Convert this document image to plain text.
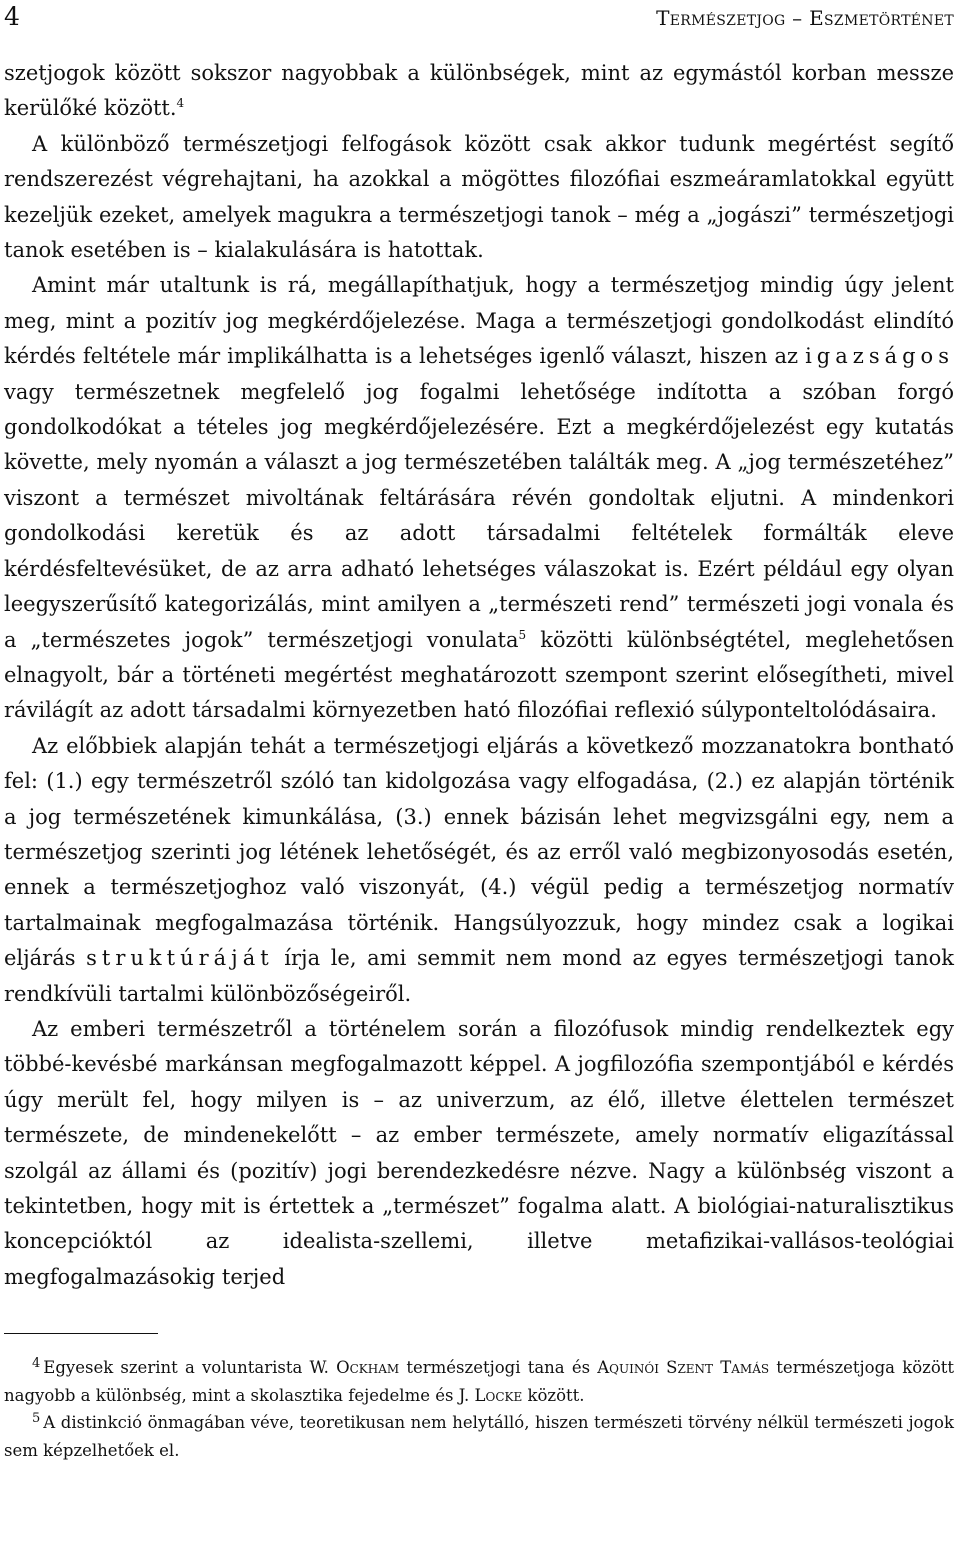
4	Természetjog – Eszmetörténet

szetjogok között sokszor nagyobbak a különbségek, mint az egymástól korban messze kerülőké között.$^4$

A különböző természetjogi felfogások között csak akkor tudunk megértést segítő rendszerezést végrehajtani, ha azokkal a mögöttes filozófiai eszmeáramlatokkal együtt kezeljük ezeket, amelyek magukra a természetjogi tanok – még a „jogászi” természetjogi tanok esetében is – kialakulására is hatottak.

Amint már utaltunk is rá, megállapíthatjuk, hogy a természetjog mindig úgy jelent meg, mint a pozitív jog megkérdőjelezése. Maga a természetjogi gondolkodást elindító kérdés feltétele már implikálhatta is a lehetséges igenlő választ, hiszen az igazságos vagy természetnek megfelelő jog fogalmi lehetősége indította a szóban forgó gondolkodókat a tételes jog megkérdőjelezésére. Ezt a megkérdőjelezést egy kutatás követte, mely nyomán a választ a jog természetében találták meg. A „jog természetéhez” viszont a természet mivoltának feltárására révén gondoltak eljutni. A mindenkori gondolkodási keretük és az adott társadalmi feltételek formálták eleve kérdésfeltevésüket, de az arra adható lehetséges válaszokat is. Ezért például egy olyan leegyszerűsítő kategorizálás, mint amilyen a „természeti rend” természeti jogi vonala és a „természetes jogok” természetjogi vonulata$^5$ közötti különbségtétel, meglehetősen elnagyolt, bár a történeti megértést meghatározott szempont szerint elősegítheti, mivel rávilágít az adott társadalmi környezetben ható filozófiai reflexió súlyponteltolódásaira.

Az előbbiek alapján tehát a természetjogi eljárás a következő mozzanatokra bontható fel: (1.) egy természetről szóló tan kidolgozása vagy elfogadása, (2.) ez alapján történik a jog természetének kimunkálása, (3.) ennek bázisán lehet megvizsgálni egy, nem a természetjog szerinti jog létének lehetőségét, és az erről való megbizonyosodás esetén, ennek a természetjoghoz való viszonyát, (4.) végül pedig a természetjog normatív tartalmainak megfogalmazása történik. Hangsúlyozzuk, hogy mindez csak a logikai eljárás struktúráját írja le, ami semmit nem mond az egyes természetjogi tanok rendkívüli tartalmi különbözőségeiről.

Az emberi természetről a történelem során a filozófusok mindig rendelkeztek egy többé-kevésbé markánsan megfogalmazott képpel. A jogfilozófia szempontjából e kérdés úgy merült fel, hogy milyen is – az univerzum, az élő, illetve élettelen természet természete, de mindenekelőtt – az ember természete, amely normatív eligazítással szolgál az állami és (pozitív) jogi berendezkedésre nézve. Nagy a különbség viszont a tekintetben, hogy mit is értettek a „természet” fogalma alatt. A biológiai-naturalisztikus koncepcióktól az idealista-szellemi, illetve metafizikai-vallásos-teológiai megfogalmazásokig terjed

$^4$ Egyesek szerint a voluntarista W. Ockham természetjogi tana és Aquinói Szent Tamás természetjoga között nagyobb a különbség, mint a skolasztika fejedelme és J. Locke között.

$^5$ A distinkció önmagában véve, teoretikusan nem helytálló, hiszen természeti törvény nélkül természeti jogok sem képzelhetőek el.
